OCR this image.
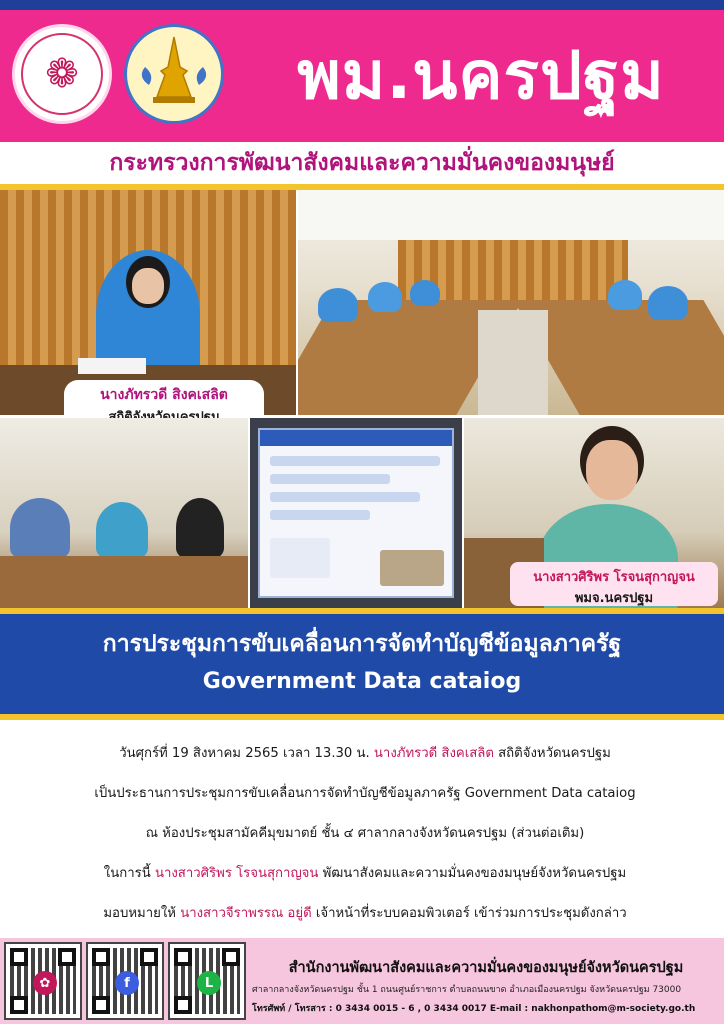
❁	พม.นครปฐม
กระทรวงการพัฒนาสังคมและความมั่นคงของมนุษย์
นางภัทรวดี สิงคเสลิต
นางสาวศิริพร โรจนสุกาญจน
พมจ.นครปฐม
การประชุมการขับเคลื่อนการจัดทำบัญชีข้อมูลภาครัฐ
Government Data cataiog
วันศุกร์ที่ 19 สิงหาคม 2565 เวลา 13.30 น. นางภัทรวดี สิงคเสลิต สถิติจังหวัดนครปฐม
เป็นประธานการประชุมการขับเคลื่อนการจัดทำบัญชีข้อมูลภาครัฐ Government Data cataiog
ณ ห้องประชุมสามัคคีมุขมาตย์ ชั้น ๔ ศาลากลางจังหวัดนครปฐม (ส่วนต่อเติม)
ในการนี้ นางสาวศิริพร โรจนสุกาญจน พัฒนาสังคมและความมั่นคงของมนุษย์จังหวัดนครปฐม
มอบหมายให้ นางสาวจีราพรรณ อยู่ดี เจ้าหน้าที่ระบบคอมพิวเตอร์ เข้าร่วมการประชุมดังกล่าว
✿	f	L
สำนักงานพัฒนาสังคมและความมั่นคงของมนุษย์จังหวัดนครปฐม
ศาลากลางจังหวัดนครปฐม ชั้น 1 ถนนศูนย์ราชการ ตำบลถนนขาด อำเภอเมืองนครปฐม จังหวัดนครปฐม 73000
โทรศัพท์ / โทรสาร : 0 3434 0015 - 6 , 0 3434 0017 E-mail : nakhonpathom@m-society.go.th
